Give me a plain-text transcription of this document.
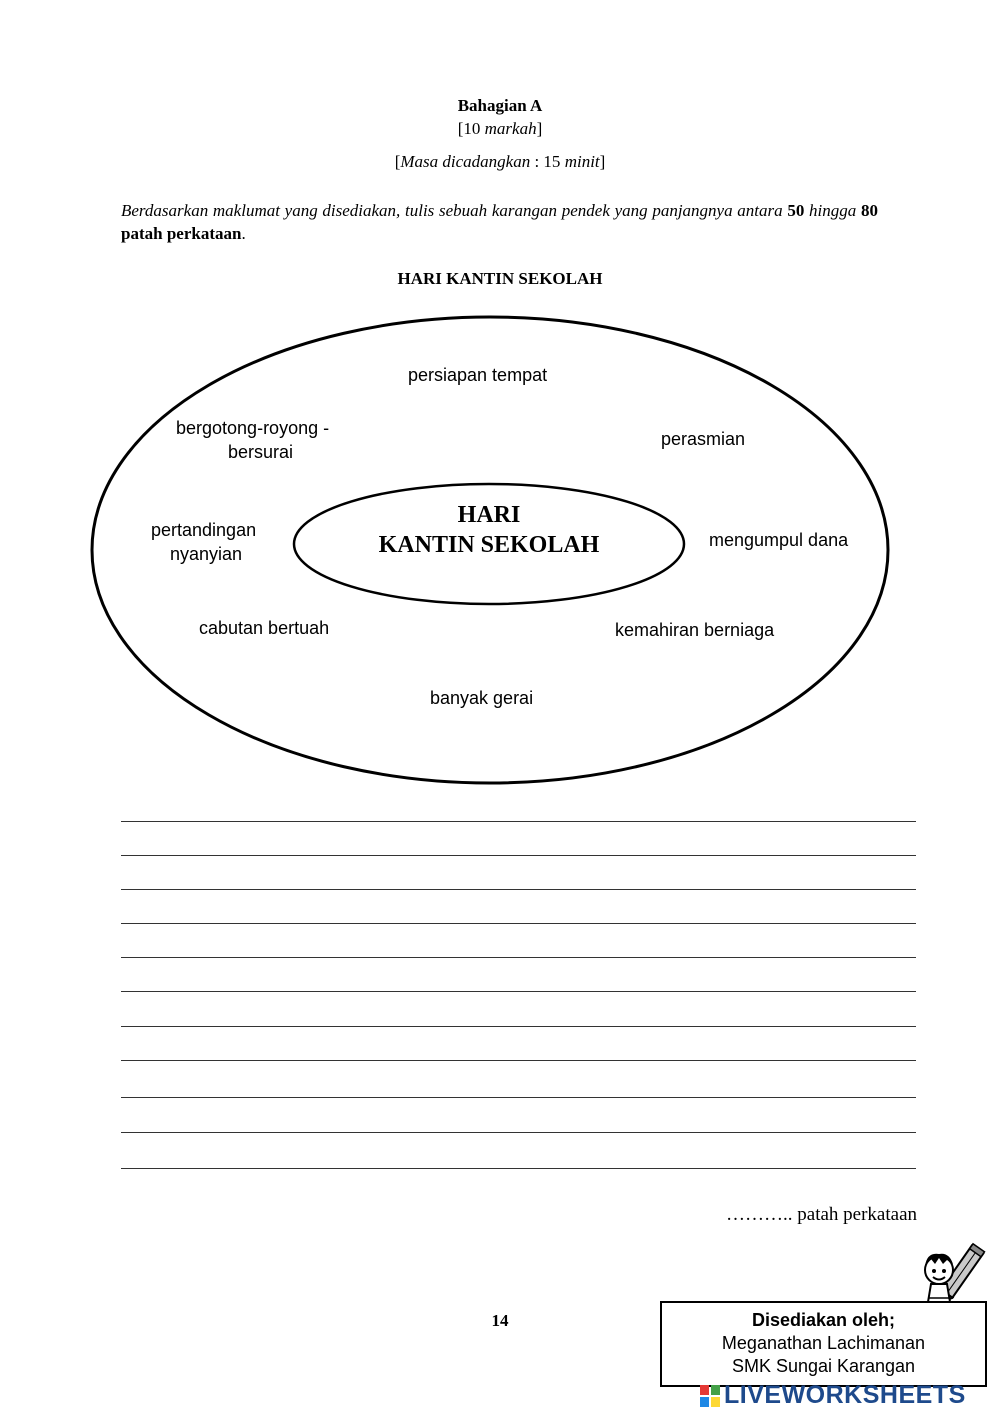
Bahagian A
[10 markah]
[Masa dicadangkan : 15 minit]
Berdasarkan maklumat yang disediakan, tulis sebuah karangan pendek yang panjangnya antara 50 hingga 80 patah perkataan.
HARI KANTIN SEKOLAH
HARI
KANTIN SEKOLAH
persiapan tempat
bergotong-royong -
bersurai
perasmian
pertandingan
nyanyian
mengumpul dana
cabutan bertuah	kemahiran berniaga
banyak gerai
……….. patah perkataan
14	Disediakan oleh;
Meganathan Lachimanan
SMK Sungai Karangan
LIVEWORKSHEETS
